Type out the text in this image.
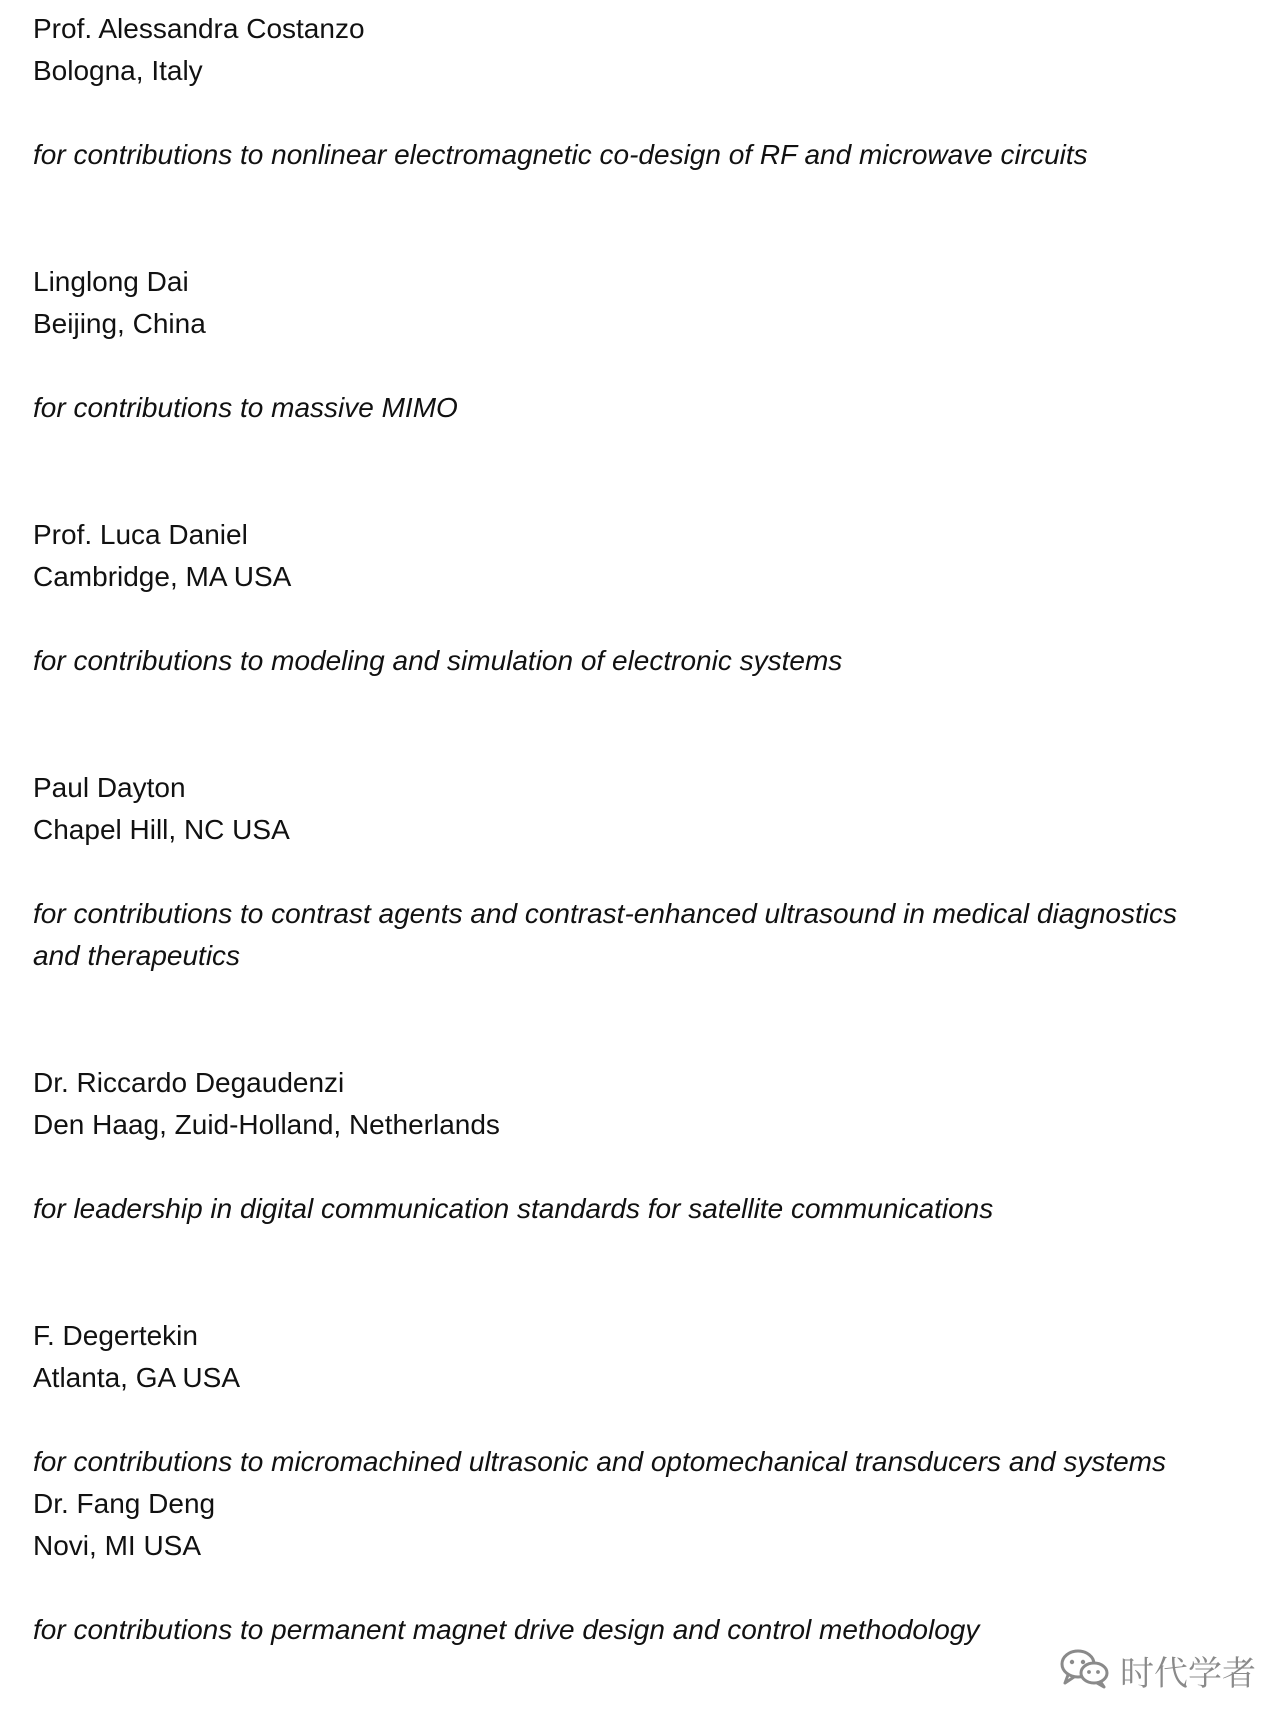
Prof. Alessandra Costanzo
Bologna, Italy
for contributions to nonlinear electromagnetic co-design of RF and microwave circuits
Linglong Dai
Beijing, China
for contributions to massive MIMO
Prof. Luca Daniel
Cambridge, MA USA
for contributions to modeling and simulation of electronic systems
Paul Dayton
Chapel Hill, NC USA
for contributions to contrast agents and contrast-enhanced ultrasound in medical diagnostics
and therapeutics
Dr. Riccardo Degaudenzi
Den Haag, Zuid-Holland, Netherlands
for leadership in digital communication standards for satellite communications
F. Degertekin
Atlanta, GA USA
for contributions to micromachined ultrasonic and optomechanical transducers and systems
Dr. Fang Deng
Novi, MI USA
for contributions to permanent magnet drive design and control methodology
时代学者
